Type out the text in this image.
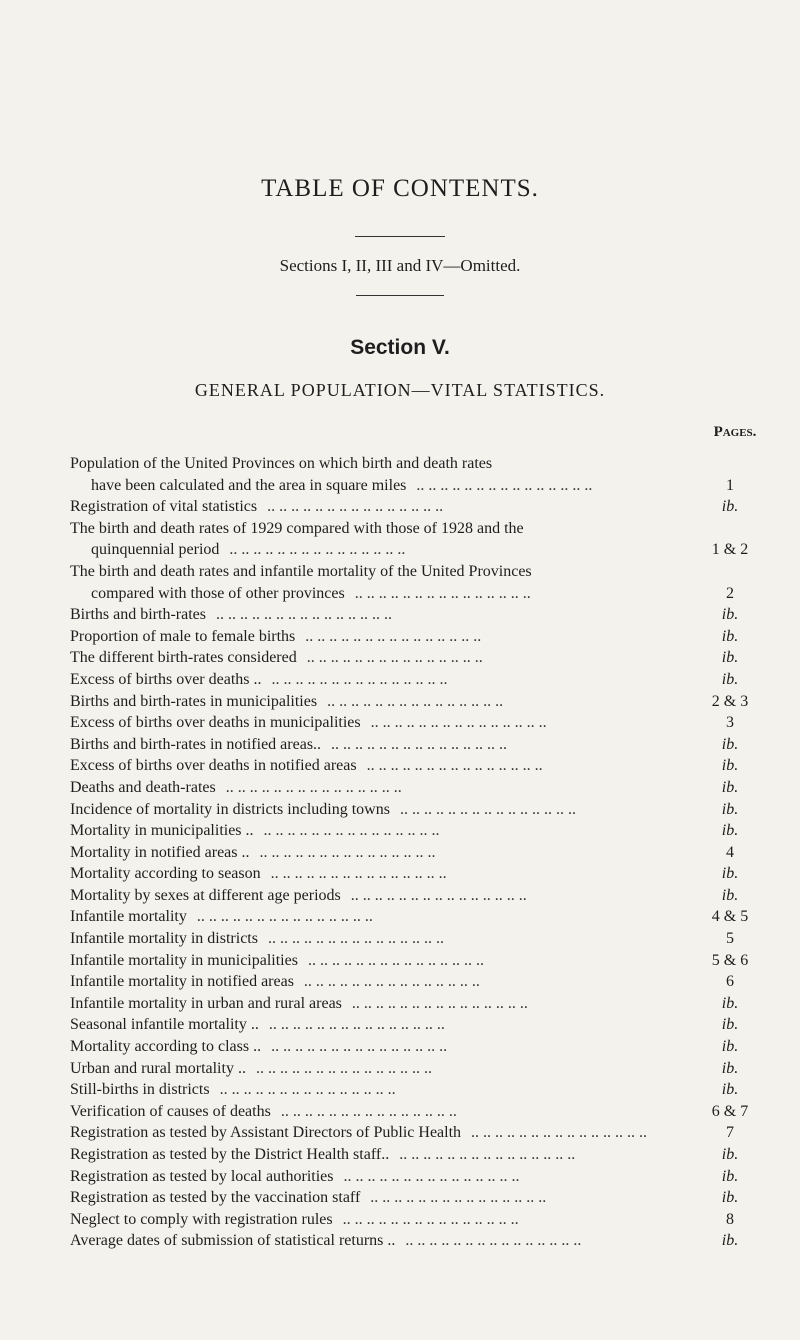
TABLE OF CONTENTS.
Sections I, II, III and IV—Omitted.
Section V.
GENERAL POPULATION—VITAL STATISTICS.
Pages.
Population of the United Provinces on which birth and death rates
have been calculated and the area in square miles .. .. .. .. .. .. .. .. .. .. .. .. .. .. ..	1
Registration of vital statistics .. .. .. .. .. .. .. .. .. .. .. .. .. .. ..	ib.
The birth and death rates of 1929 compared with those of 1928 and the
quinquennial period .. .. .. .. .. .. .. .. .. .. .. .. .. .. ..	1 & 2
The birth and death rates and infantile mortality of the United Provinces
compared with those of other provinces .. .. .. .. .. .. .. .. .. .. .. .. .. .. ..	2
Births and birth-rates .. .. .. .. .. .. .. .. .. .. .. .. .. .. ..	ib.
Proportion of male to female births .. .. .. .. .. .. .. .. .. .. .. .. .. .. ..	ib.
The different birth-rates considered .. .. .. .. .. .. .. .. .. .. .. .. .. .. ..	ib.
Excess of births over deaths .. .. .. .. .. .. .. .. .. .. .. .. .. .. .. ..	ib.
Births and birth-rates in municipalities .. .. .. .. .. .. .. .. .. .. .. .. .. .. ..	2 & 3
Excess of births over deaths in municipalities .. .. .. .. .. .. .. .. .. .. .. .. .. .. ..	3
Births and birth-rates in notified areas.. .. .. .. .. .. .. .. .. .. .. .. .. .. .. ..	ib.
Excess of births over deaths in notified areas .. .. .. .. .. .. .. .. .. .. .. .. .. .. ..	ib.
Deaths and death-rates .. .. .. .. .. .. .. .. .. .. .. .. .. .. ..	ib.
Incidence of mortality in districts including towns .. .. .. .. .. .. .. .. .. .. .. .. .. .. ..	ib.
Mortality in municipalities .. .. .. .. .. .. .. .. .. .. .. .. .. .. .. ..	ib.
Mortality in notified areas .. .. .. .. .. .. .. .. .. .. .. .. .. .. .. ..	4
Mortality according to season .. .. .. .. .. .. .. .. .. .. .. .. .. .. ..	ib.
Mortality by sexes at different age periods .. .. .. .. .. .. .. .. .. .. .. .. .. .. ..	ib.
Infantile mortality .. .. .. .. .. .. .. .. .. .. .. .. .. .. ..	4 & 5
Infantile mortality in districts .. .. .. .. .. .. .. .. .. .. .. .. .. .. ..	5
Infantile mortality in municipalities .. .. .. .. .. .. .. .. .. .. .. .. .. .. ..	5 & 6
Infantile mortality in notified areas .. .. .. .. .. .. .. .. .. .. .. .. .. .. ..	6
Infantile mortality in urban and rural areas .. .. .. .. .. .. .. .. .. .. .. .. .. .. ..	ib.
Seasonal infantile mortality .. .. .. .. .. .. .. .. .. .. .. .. .. .. .. ..	ib.
Mortality according to class .. .. .. .. .. .. .. .. .. .. .. .. .. .. .. ..	ib.
Urban and rural mortality .. .. .. .. .. .. .. .. .. .. .. .. .. .. .. ..	ib.
Still-births in districts .. .. .. .. .. .. .. .. .. .. .. .. .. .. ..	ib.
Verification of causes of deaths .. .. .. .. .. .. .. .. .. .. .. .. .. .. ..	6 & 7
Registration as tested by Assistant Directors of Public Health .. .. .. .. .. .. .. .. .. .. .. .. .. .. ..	7
Registration as tested by the District Health staff.. .. .. .. .. .. .. .. .. .. .. .. .. .. .. ..	ib.
Registration as tested by local authorities .. .. .. .. .. .. .. .. .. .. .. .. .. .. ..	ib.
Registration as tested by the vaccination staff .. .. .. .. .. .. .. .. .. .. .. .. .. .. ..	ib.
Neglect to comply with registration rules .. .. .. .. .. .. .. .. .. .. .. .. .. .. ..	8
Average dates of submission of statistical returns .. .. .. .. .. .. .. .. .. .. .. .. .. .. .. ..	ib.
